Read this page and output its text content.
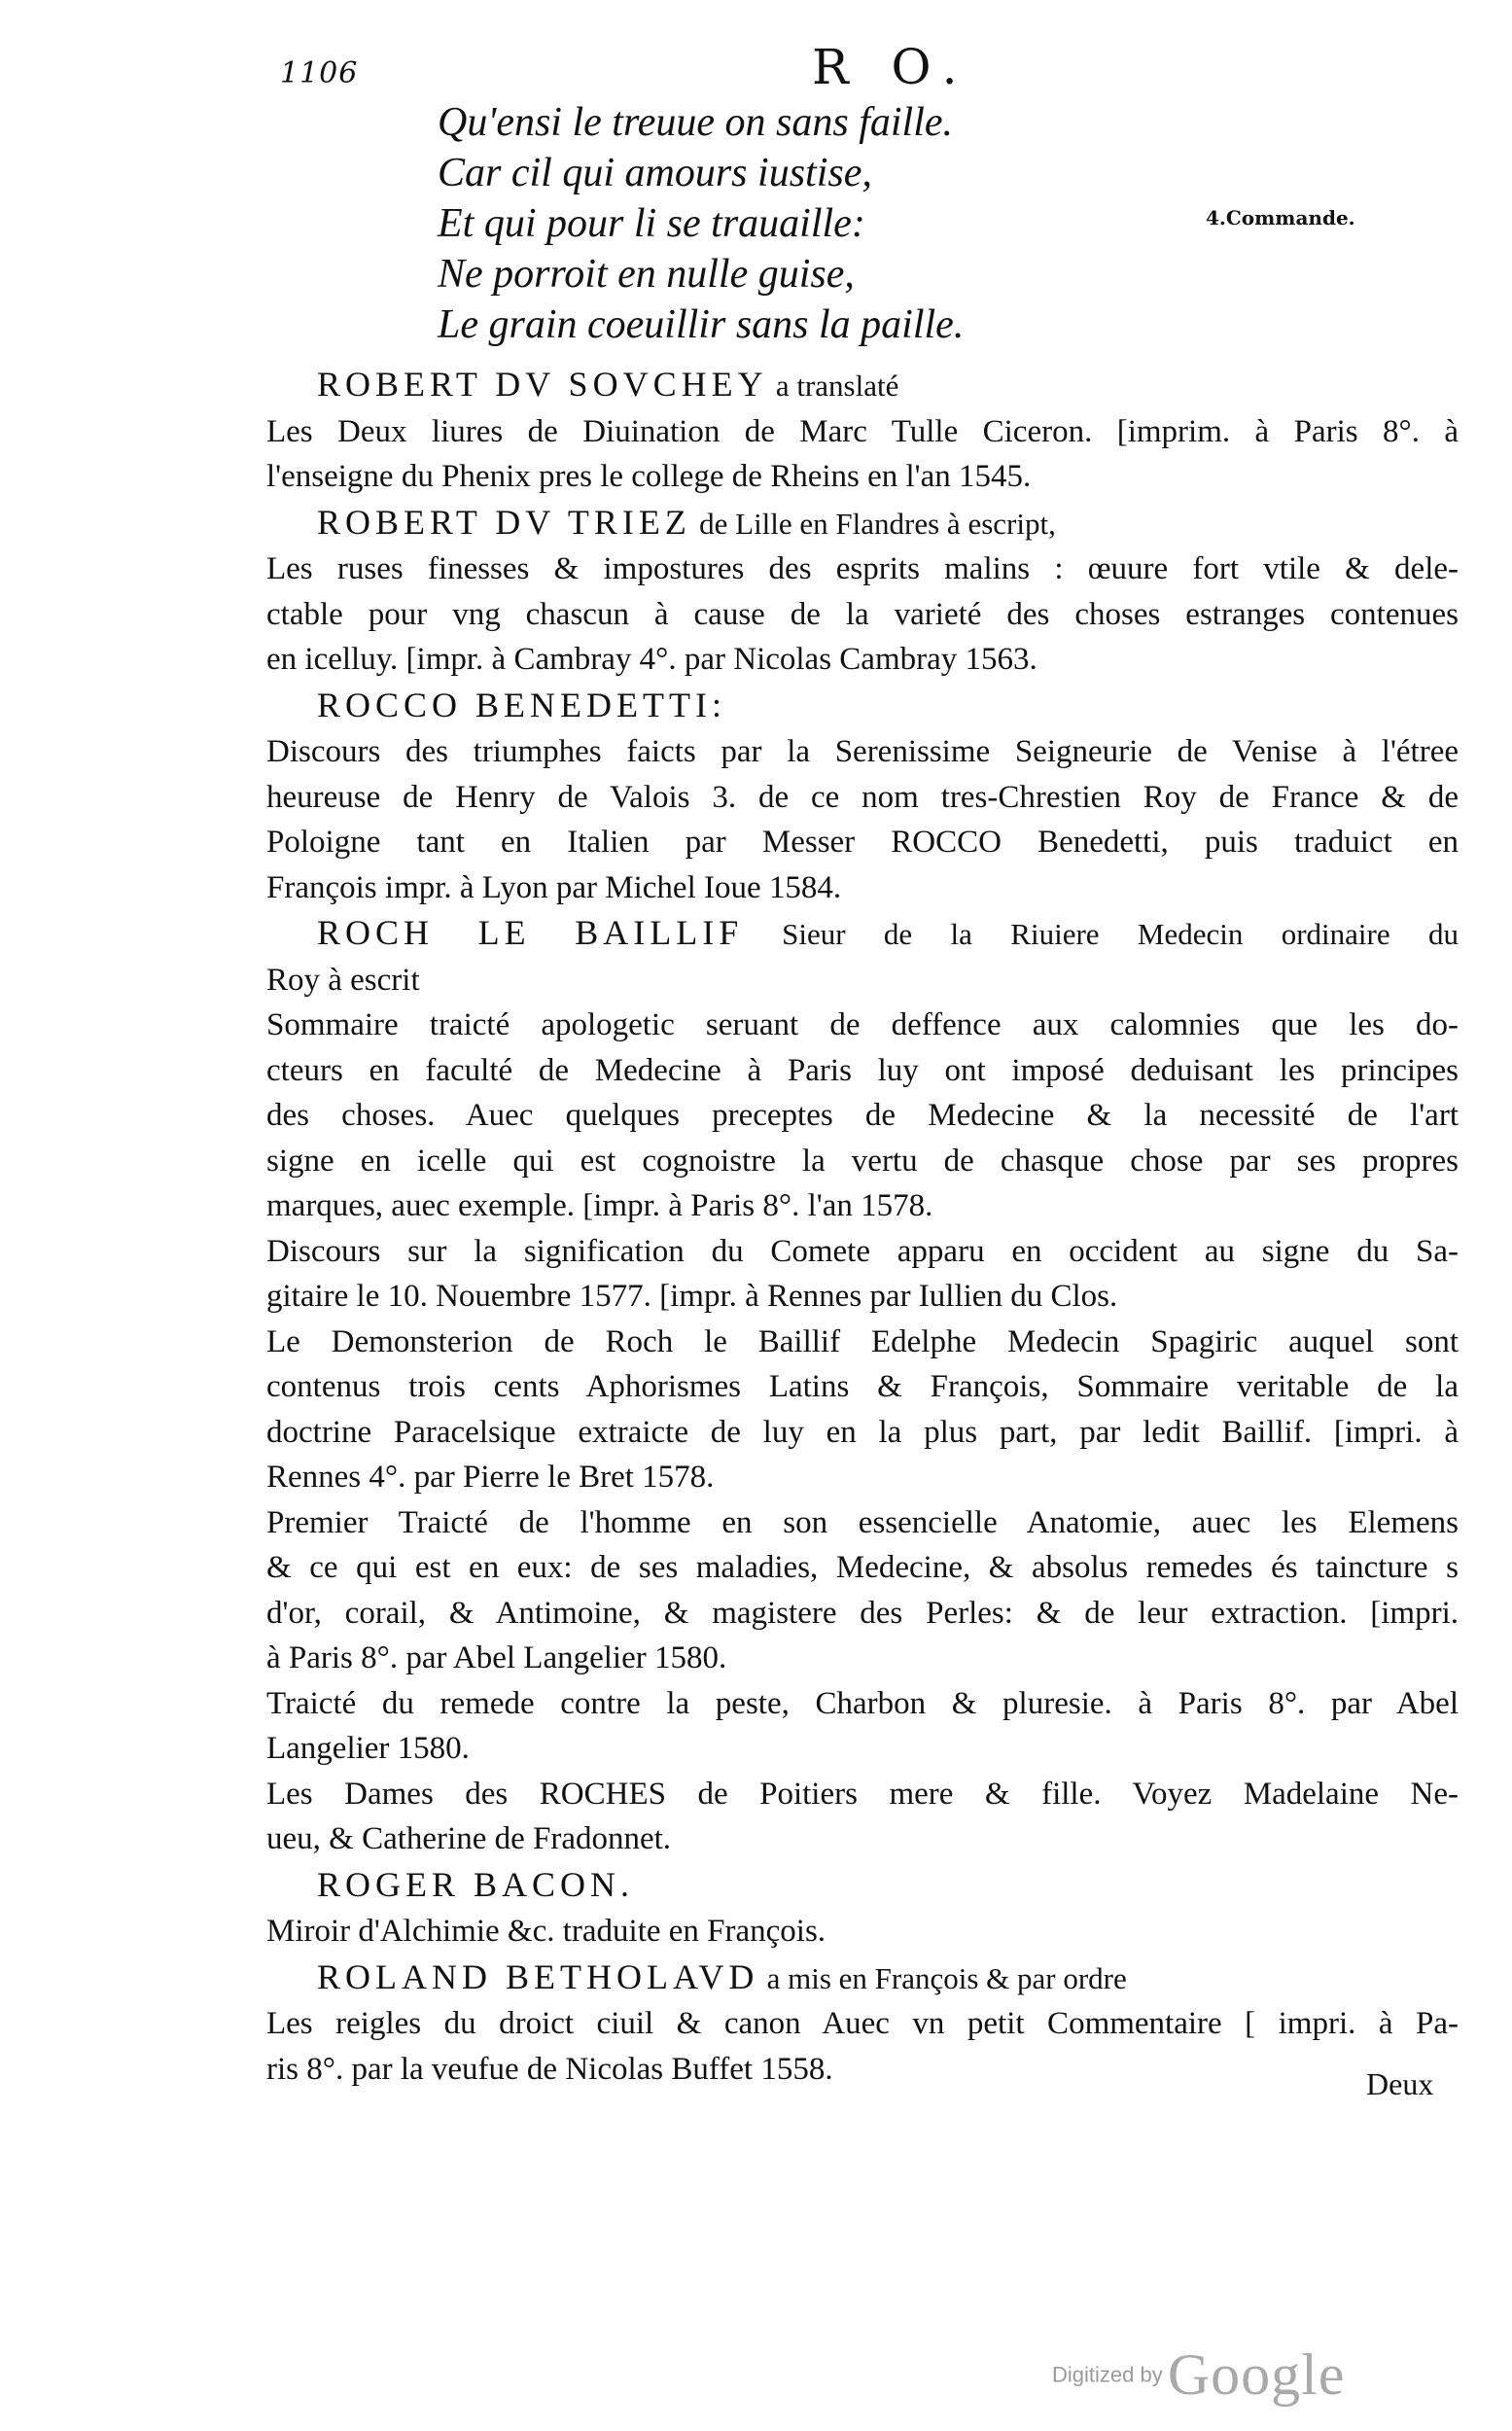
1106	R O.
Qu'ensi le treuue on sans faille.
Car cil qui amours iustise,
Et qui pour li se trauaille:
Ne porroit en nulle guise,
Le grain coeuillir sans la paille.
4.Commande.
ROBERT DV SOVCHEY a translaté
Les Deux liures de Diuination de Marc Tulle Ciceron. [imprim. à Paris 8°. à
l'enseigne du Phenix pres le college de Rheins en l'an 1545.
ROBERT DV TRIEZ de Lille en Flandres à escript,
Les ruses finesses & impostures des esprits malins : œuure fort vtile & dele-
ctable pour vng chascun à cause de la varieté des choses estranges contenues
en icelluy. [impr. à Cambray 4°. par Nicolas Cambray 1563.
ROCCO BENEDETTI:
Discours des triumphes faicts par la Serenissime Seigneurie de Venise à l'étree
heureuse de Henry de Valois 3. de ce nom tres-Chrestien Roy de France & de
Poloigne tant en Italien par Messer ROCCO Benedetti, puis traduict en
François impr. à Lyon par Michel Ioue 1584.
ROCH LE BAILLIF Sieur de la Riuiere Medecin ordinaire du
Roy à escrit
Sommaire traicté apologetic seruant de deffence aux calomnies que les do-
cteurs en faculté de Medecine à Paris luy ont imposé deduisant les principes
des choses. Auec quelques preceptes de Medecine & la necessité de l'art
signe en icelle qui est cognoistre la vertu de chasque chose par ses propres
marques, auec exemple. [impr. à Paris 8°. l'an 1578.
Discours sur la signification du Comete apparu en occident au signe du Sa-
gitaire le 10. Nouembre 1577. [impr. à Rennes par Iullien du Clos.
Le Demonsterion de Roch le Baillif Edelphe Medecin Spagiric auquel sont
contenus trois cents Aphorismes Latins & François, Sommaire veritable de la
doctrine Paracelsique extraicte de luy en la plus part, par ledit Baillif. [impri. à
Rennes 4°. par Pierre le Bret 1578.
Premier Traicté de l'homme en son essencielle Anatomie, auec les Elemens
& ce qui est en eux: de ses maladies, Medecine, & absolus remedes és taincture s
d'or, corail, & Antimoine, & magistere des Perles: & de leur extraction. [impri.
à Paris 8°. par Abel Langelier 1580.
Traicté du remede contre la peste, Charbon & pluresie. à Paris 8°. par Abel
Langelier 1580.
Les Dames des ROCHES de Poitiers mere & fille. Voyez Madelaine Ne-
ueu, & Catherine de Fradonnet.
ROGER BACON.
Miroir d'Alchimie &c. traduite en François.
ROLAND BETHOLAVD a mis en François & par ordre
Les reigles du droict ciuil & canon Auec vn petit Commentaire [ impri. à Pa-
ris 8°. par la veufue de Nicolas Buffet 1558.	Deux
Digitized by Google
